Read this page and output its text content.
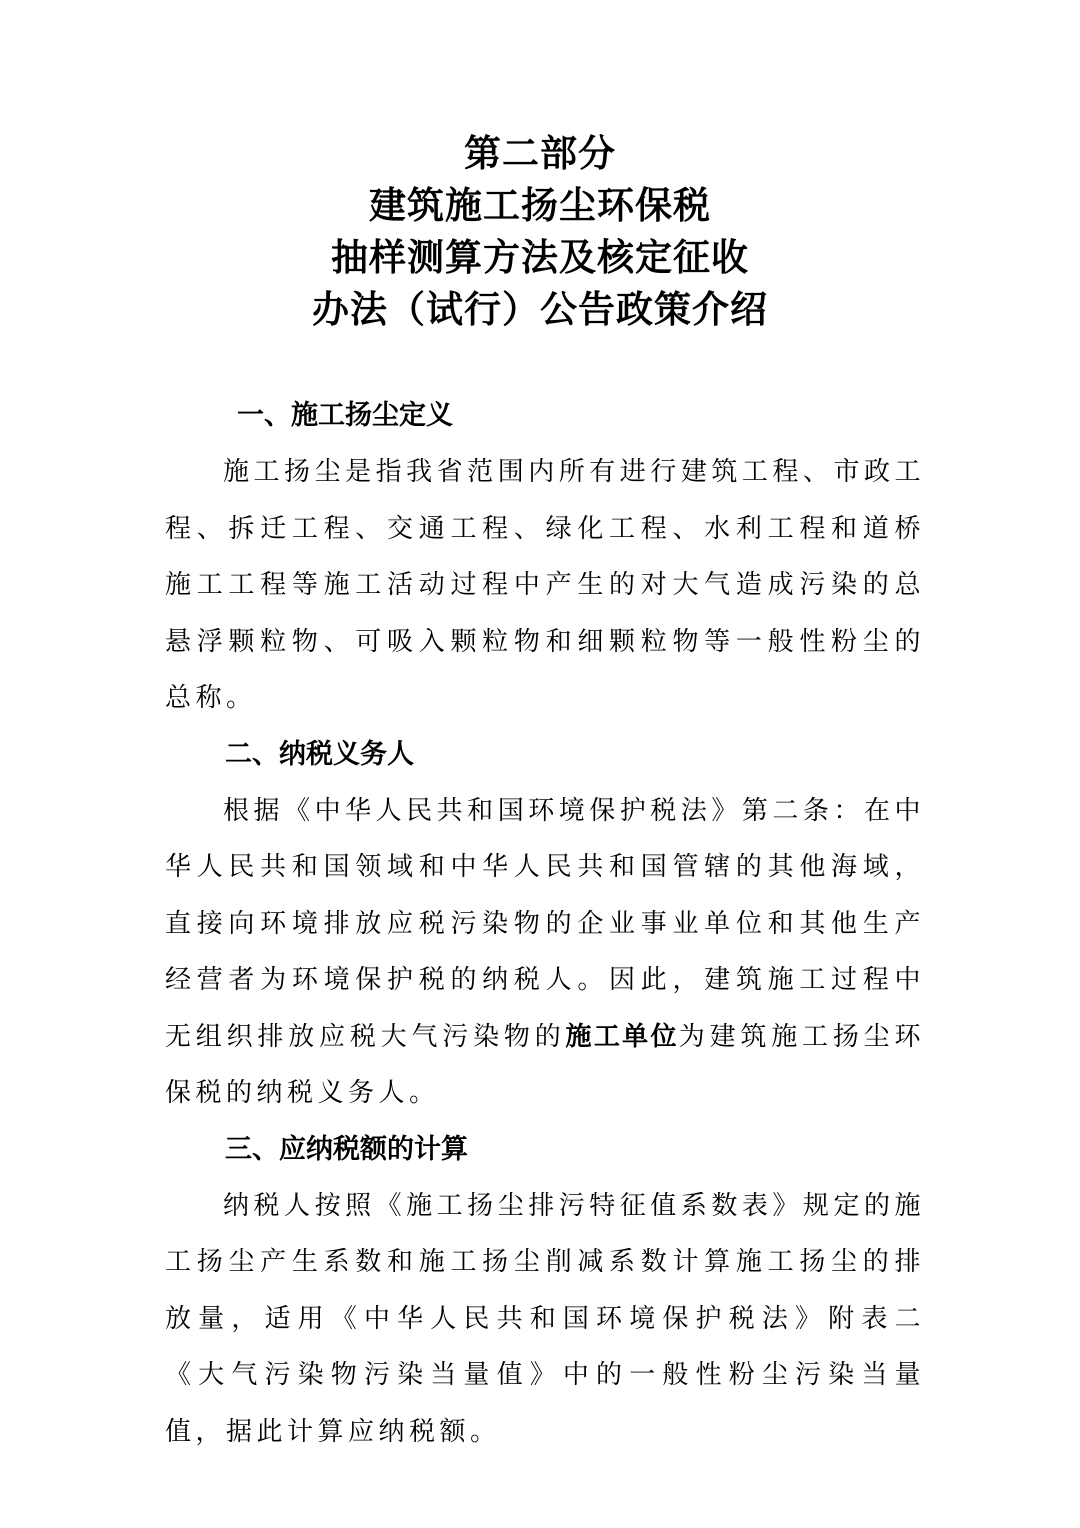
第二部分
建筑施工扬尘环保税
抽样测算方法及核定征收
办法（试行）公告政策介绍
一、施工扬尘定义
施工扬尘是指我省范围内所有进行建筑工程、市政工程、拆迁工程、交通工程、绿化工程、水利工程和道桥施工工程等施工活动过程中产生的对大气造成污染的总悬浮颗粒物、可吸入颗粒物和细颗粒物等一般性粉尘的总称。
二、纳税义务人
根据《中华人民共和国环境保护税法》第二条：在中华人民共和国领域和中华人民共和国管辖的其他海域，直接向环境排放应税污染物的企业事业单位和其他生产经营者为环境保护税的纳税人。因此，建筑施工过程中无组织排放应税大气污染物的施工单位为建筑施工扬尘环保税的纳税义务人。
三、应纳税额的计算
纳税人按照《施工扬尘排污特征值系数表》规定的施工扬尘产生系数和施工扬尘削减系数计算施工扬尘的排放量，适用《中华人民共和国环境保护税法》附表二《大气污染物污染当量值》中的一般性粉尘污染当量值，据此计算应纳税额。
